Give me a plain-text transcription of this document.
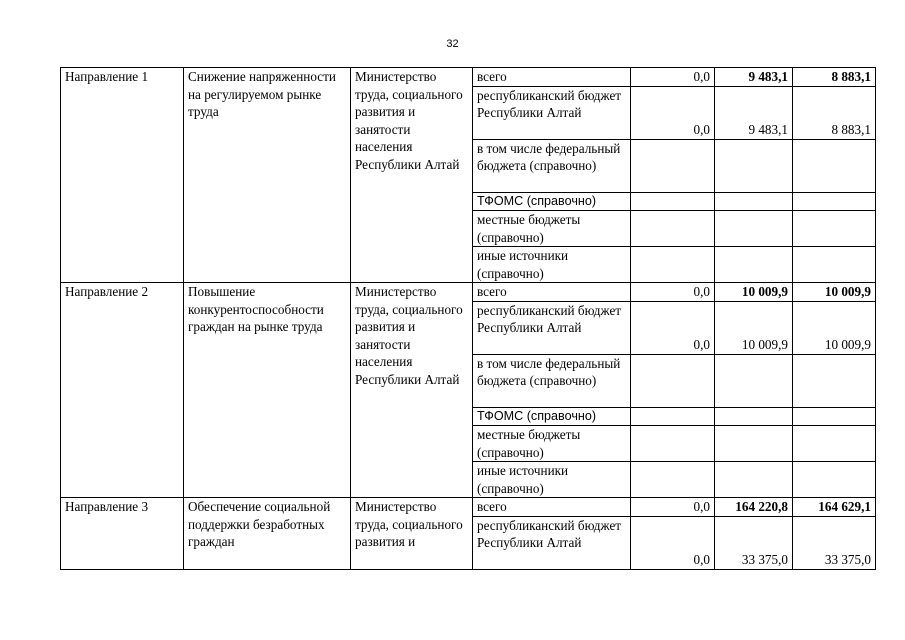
32
Направление 1	Снижение напряженности на регулируемом рынке труда	Министерство труда, социального развития и занятости населения Республики Алтай	всего	0,0	9 483,1	8 883,1
			республиканский бюджет Республики Алтай	0,0	9 483,1	8 883,1
			в том числе федеральный бюджета (справочно)			
			ТФОМС (справочно)			
			местные бюджеты (справочно)			
			иные источники (справочно)			
Направление 2	Повышение конкурентоспособности граждан на рынке труда	Министерство труда, социального развития и занятости населения Республики Алтай	всего	0,0	10 009,9	10 009,9
			республиканский бюджет Республики Алтай	0,0	10 009,9	10 009,9
			в том числе федеральный бюджета (справочно)			
			ТФОМС (справочно)			
			местные бюджеты (справочно)			
			иные источники (справочно)			
Направление 3	Обеспечение социальной поддержки безработных граждан	Министерство труда, социального развития и	всего	0,0	164 220,8	164 629,1
			республиканский бюджет Республики Алтай	0,0	33 375,0	33 375,0
